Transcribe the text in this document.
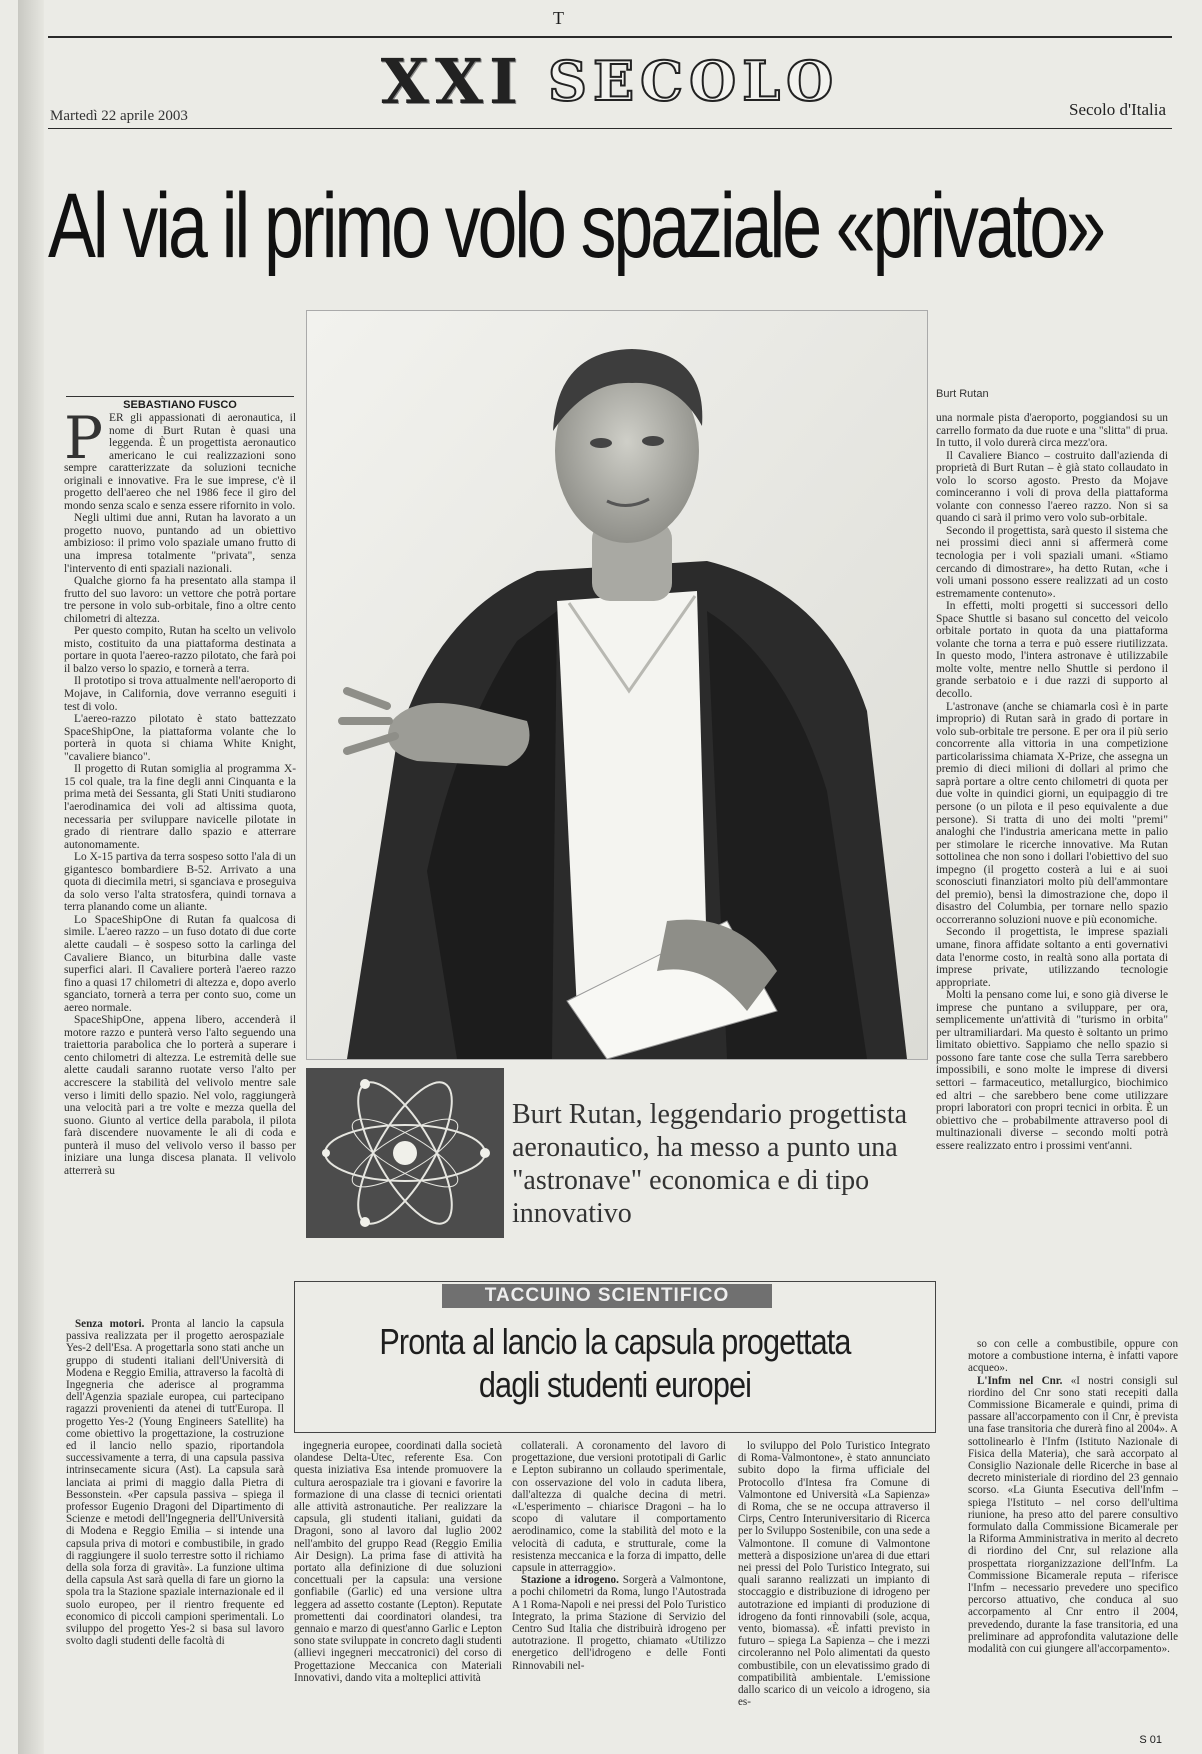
T
XXI SECOLO
Martedì 22 aprile 2003	Secolo d'Italia
Al via il primo volo spaziale «privato»
SEBASTIANO FUSCO

PER gli appassionati di aeronautica, il nome di Burt Rutan è quasi una leggenda. È un progettista aeronautico americano le cui realizzazioni sono sempre caratterizzate da soluzioni tecniche originali e innovative. Fra le sue imprese, c'è il progetto dell'aereo che nel 1986 fece il giro del mondo senza scalo e senza essere rifornito in volo.

Negli ultimi due anni, Rutan ha lavorato a un progetto nuovo, puntando ad un obiettivo ambizioso: il primo volo spaziale umano frutto di una impresa totalmente "privata", senza l'intervento di enti spaziali nazionali.

Qualche giorno fa ha presentato alla stampa il frutto del suo lavoro: un vettore che potrà portare tre persone in volo sub-orbitale, fino a oltre cento chilometri di altezza.

Per questo compito, Rutan ha scelto un velivolo misto, costituito da una piattaforma destinata a portare in quota l'aereo-razzo pilotato, che farà poi il balzo verso lo spazio, e tornerà a terra.

Il prototipo si trova attualmente nell'aeroporto di Mojave, in California, dove verranno eseguiti i test di volo.

L'aereo-razzo pilotato è stato battezzato SpaceShipOne, la piattaforma volante che lo porterà in quota si chiama White Knight, "cavaliere bianco".

Il progetto di Rutan somiglia al programma X-15 col quale, tra la fine degli anni Cinquanta e la prima metà dei Sessanta, gli Stati Uniti studiarono l'aerodinamica dei voli ad altissima quota, necessaria per sviluppare navicelle pilotate in grado di rientrare dallo spazio e atterrare autonomamente.

Lo X-15 partiva da terra sospeso sotto l'ala di un gigantesco bombardiere B-52. Arrivato a una quota di diecimila metri, si sganciava e proseguiva da solo verso l'alta stratosfera, quindi tornava a terra planando come un aliante.

Lo SpaceShipOne di Rutan fa qualcosa di simile. L'aereo razzo – un fuso dotato di due corte alette caudali – è sospeso sotto la carlinga del Cavaliere Bianco, un biturbina dalle vaste superfici alari. Il Cavaliere porterà l'aereo razzo fino a quasi 17 chilometri di altezza e, dopo averlo sganciato, tornerà a terra per conto suo, come un aereo normale.

SpaceShipOne, appena libero, accenderà il motore razzo e punterà verso l'alto seguendo una traiettoria parabolica che lo porterà a superare i cento chilometri di altezza. Le estremità delle sue alette caudali saranno ruotate verso l'alto per accrescere la stabilità del velivolo mentre sale verso i limiti dello spazio. Nel volo, raggiungerà una velocità pari a tre volte e mezza quella del suono. Giunto al vertice della parabola, il pilota farà discendere nuovamente le ali di coda e punterà il muso del velivolo verso il basso per iniziare una lunga discesa planata. Il velivolo atterrerà su

Burt Rutan

una normale pista d'aeroporto, poggiandosi su un carrello formato da due ruote e una "slitta" di prua. In tutto, il volo durerà circa mezz'ora.

Il Cavaliere Bianco – costruito dall'azienda di proprietà di Burt Rutan – è già stato collaudato in volo lo scorso agosto. Presto da Mojave cominceranno i voli di prova della piattaforma volante con connesso l'aereo razzo. Non si sa quando ci sarà il primo vero volo sub-orbitale.

Secondo il progettista, sarà questo il sistema che nei prossimi dieci anni si affermerà come tecnologia per i voli spaziali umani. «Stiamo cercando di dimostrare», ha detto Rutan, «che i voli umani possono essere realizzati ad un costo estremamente contenuto».

In effetti, molti progetti si successori dello Space Shuttle si basano sul concetto del veicolo orbitale portato in quota da una piattaforma volante che torna a terra e può essere riutilizzata. In questo modo, l'intera astronave è utilizzabile molte volte, mentre nello Shuttle si perdono il grande serbatoio e i due razzi di supporto al decollo.

L'astronave (anche se chiamarla così è in parte improprio) di Rutan sarà in grado di portare in volo sub-orbitale tre persone. E per ora il più serio concorrente alla vittoria in una competizione particolarissima chiamata X-Prize, che assegna un premio di dieci milioni di dollari al primo che saprà portare a oltre cento chilometri di quota per due volte in quindici giorni, un equipaggio di tre persone (o un pilota e il peso equivalente a due persone). Si tratta di uno dei molti "premi" analoghi che l'industria americana mette in palio per stimolare le ricerche innovative. Ma Rutan sottolinea che non sono i dollari l'obiettivo del suo impegno (il progetto costerà a lui e ai suoi sconosciuti finanziatori molto più dell'ammontare del premio), bensì la dimostrazione che, dopo il disastro del Columbia, per tornare nello spazio occorreranno soluzioni nuove e più economiche.

Secondo il progettista, le imprese spaziali umane, finora affidate soltanto a enti governativi data l'enorme costo, in realtà sono alla portata di imprese private, utilizzando tecnologie appropriate.

Molti la pensano come lui, e sono già diverse le imprese che puntano a sviluppare, per ora, semplicemente un'attività di "turismo in orbita" per ultramiliardari. Ma questo è soltanto un primo limitato obiettivo. Sappiamo che nello spazio si possono fare tante cose che sulla Terra sarebbero impossibili, e sono molte le imprese di diversi settori – farmaceutico, metallurgico, biochimico ed altri – che sarebbero bene come utilizzare propri laboratori con propri tecnici in orbita. È un obiettivo che – probabilmente attraverso pool di multinazionali diverse – secondo molti potrà essere realizzato entro i prossimi vent'anni.

Burt Rutan, leggendario progettista aeronautico, ha messo a punto una "astronave" economica e di tipo innovativo
TACCUINO SCIENTIFICO
Pronta al lancio la capsula progettata dagli studenti europei

Senza motori. Pronta al lancio la capsula passiva realizzata per il progetto aerospaziale Yes-2 dell'Esa. A progettarla sono stati anche un gruppo di studenti italiani dell'Università di Modena e Reggio Emilia, attraverso la facoltà di Ingegneria che aderisce al programma dell'Agenzia spaziale europea, cui partecipano ragazzi provenienti da atenei di tutt'Europa. Il progetto Yes-2 (Young Engineers Satellite) ha come obiettivo la progettazione, la costruzione ed il lancio nello spazio, riportandola successivamente a terra, di una capsula passiva intrinsecamente sicura (Ast). La capsula sarà lanciata ai primi di maggio dalla Pietra di Bessonstein. «Per capsula passiva – spiega il professor Eugenio Dragoni del Dipartimento di Scienze e metodi dell'Ingegneria dell'Università di Modena e Reggio Emilia – si intende una capsula priva di motori e combustibile, in grado di raggiungere il suolo terrestre sotto il richiamo della sola forza di gravità». La funzione ultima della capsula Ast sarà quella di fare un giorno la spola tra la Stazione spaziale internazionale ed il suolo europeo, per il rientro frequente ed economico di piccoli campioni sperimentali. Lo sviluppo del progetto Yes-2 si basa sul lavoro svolto dagli studenti delle facoltà di

ingegneria europee, coordinati dalla società olandese Delta-Utec, referente Esa. Con questa iniziativa Esa intende promuovere la cultura aerospaziale tra i giovani e favorire la formazione di una classe di tecnici orientati alle attività astronautiche. Per realizzare la capsula, gli studenti italiani, guidati da Dragoni, sono al lavoro dal luglio 2002 nell'ambito del gruppo Read (Reggio Emilia Air Design). La prima fase di attività ha portato alla definizione di due soluzioni concettuali per la capsula: una versione gonfiabile (Garlic) ed una versione ultra leggera ad assetto costante (Lepton). Reputate promettenti dai coordinatori olandesi, tra gennaio e marzo di quest'anno Garlic e Lepton sono state sviluppate in concreto dagli studenti (allievi ingegneri meccatronici) del corso di Progettazione Meccanica con Materiali Innovativi, dando vita a molteplici attività

collaterali. A coronamento del lavoro di progettazione, due versioni prototipali di Garlic e Lepton subiranno un collaudo sperimentale, con osservazione del volo in caduta libera, dall'altezza di qualche decina di metri. «L'esperimento – chiarisce Dragoni – ha lo scopo di valutare il comportamento aerodinamico, come la stabilità del moto e la velocità di caduta, e strutturale, come la resistenza meccanica e la forza di impatto, delle capsule in atterraggio».

Stazione a idrogeno. Sorgerà a Valmontone, a pochi chilometri da Roma, lungo l'Autostrada A 1 Roma-Napoli e nei pressi del Polo Turistico Integrato, la prima Stazione di Servizio del Centro Sud Italia che distribuirà idrogeno per autotrazione. Il progetto, chiamato «Utilizzo energetico dell'idrogeno e delle Fonti Rinnovabili nel-

lo sviluppo del Polo Turistico Integrato di Roma-Valmontone», è stato annunciato subito dopo la firma ufficiale del Protocollo d'Intesa fra Comune di Valmontone ed Università «La Sapienza» di Roma, che se ne occupa attraverso il Cirps, Centro Interuniversitario di Ricerca per lo Sviluppo Sostenibile, con una sede a Valmontone. Il comune di Valmontone metterà a disposizione un'area di due ettari nei pressi del Polo Turistico Integrato, sui quali saranno realizzati un impianto di stoccaggio e distribuzione di idrogeno per autotrazione ed impianti di produzione di idrogeno da fonti rinnovabili (sole, acqua, vento, biomassa). «È infatti previsto in futuro – spiega La Sapienza – che i mezzi circoleranno nel Polo alimentati da questo combustibile, con un elevatissimo grado di compatibilità ambientale. L'emissione dallo scarico di un veicolo a idrogeno, sia es-

so con celle a combustibile, oppure con motore a combustione interna, è infatti vapore acqueo».

L'Infm nel Cnr. «I nostri consigli sul riordino del Cnr sono stati recepiti dalla Commissione Bicamerale e quindi, prima di passare all'accorpamento con il Cnr, è prevista una fase transitoria che durerà fino al 2004». A sottolinearlo è l'Infm (Istituto Nazionale di Fisica della Materia), che sarà accorpato al Consiglio Nazionale delle Ricerche in base al decreto ministeriale di riordino del 23 gennaio scorso. «La Giunta Esecutiva dell'Infm – spiega l'Istituto – nel corso dell'ultima riunione, ha preso atto del parere consultivo formulato dalla Commissione Bicamerale per la Riforma Amministrativa in merito al decreto di riordino del Cnr, sul relazione alla prospettata riorganizzazione dell'Infm. La Commissione Bicamerale reputa – riferisce l'Infm – necessario prevedere uno specifico percorso attuativo, che conduca al suo accorpamento al Cnr entro il 2004, prevedendo, durante la fase transitoria, ed una preliminare ad approfondita valutazione delle modalità con cui giungere all'accorpamento».

S 01
